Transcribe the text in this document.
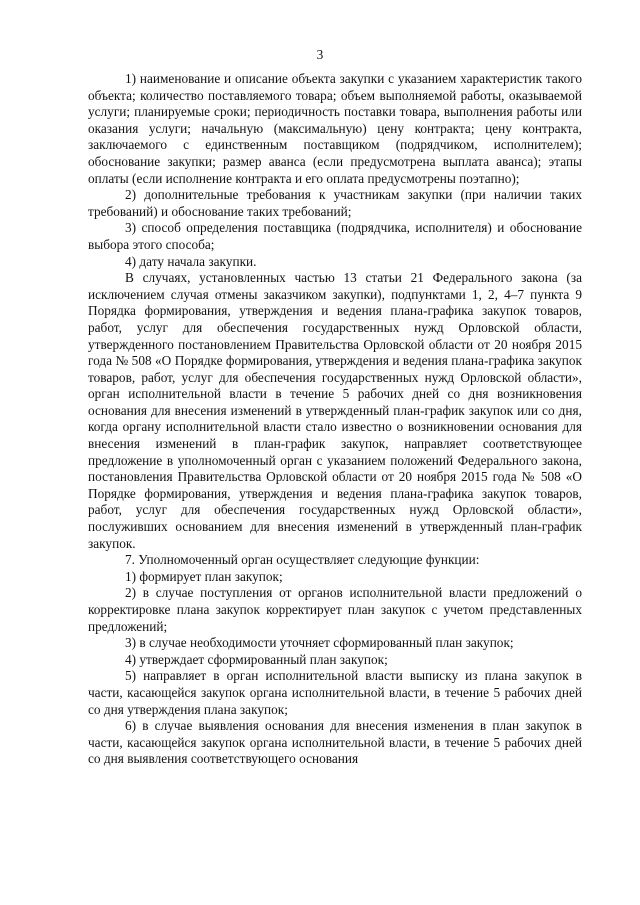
3

1) наименование и описание объекта закупки с указанием характеристик такого объекта; количество поставляемого товара; объем выполняемой работы, оказываемой услуги; планируемые сроки; периодичность поставки товара, выполнения работы или оказания услуги; начальную (максимальную) цену контракта; цену контракта, заключаемого с единственным поставщиком (подрядчиком, исполнителем); обоснование закупки; размер аванса (если предусмотрена выплата аванса); этапы оплаты (если исполнение контракта и его оплата предусмотрены поэтапно);

2) дополнительные требования к участникам закупки (при наличии таких требований) и обоснование таких требований;

3) способ определения поставщика (подрядчика, исполнителя) и обоснование выбора этого способа;

4) дату начала закупки.

В случаях, установленных частью 13 статьи 21 Федерального закона (за исключением случая отмены заказчиком закупки), подпунктами 1, 2, 4–7 пункта 9 Порядка формирования, утверждения и ведения плана-графика закупок товаров, работ, услуг для обеспечения государственных нужд Орловской области, утвержденного постановлением Правительства Орловской области от 20 ноября 2015 года № 508 «О Порядке формирования, утверждения и ведения плана-графика закупок товаров, работ, услуг для обеспечения государственных нужд Орловской области», орган исполнительной власти в течение 5 рабочих дней со дня возникновения основания для внесения изменений в утвержденный план-график закупок или со дня, когда органу исполнительной власти стало известно о возникновении основания для внесения изменений в план-график закупок, направляет соответствующее предложение в уполномоченный орган с указанием положений Федерального закона, постановления Правительства Орловской области от 20 ноября 2015 года № 508 «О Порядке формирования, утверждения и ведения плана-графика закупок товаров, работ, услуг для обеспечения государственных нужд Орловской области», послуживших основанием для внесения изменений в утвержденный план-график закупок.

7. Уполномоченный орган осуществляет следующие функции:

1) формирует план закупок;

2) в случае поступления от органов исполнительной власти предложений о корректировке плана закупок корректирует план закупок с учетом представленных предложений;

3) в случае необходимости уточняет сформированный план закупок;

4) утверждает сформированный план закупок;

5) направляет в орган исполнительной власти выписку из плана закупок в части, касающейся закупок органа исполнительной власти, в течение 5 рабочих дней со дня утверждения плана закупок;

6) в случае выявления основания для внесения изменения в план закупок в части, касающейся закупок органа исполнительной власти, в течение 5 рабочих дней со дня выявления соответствующего основания
